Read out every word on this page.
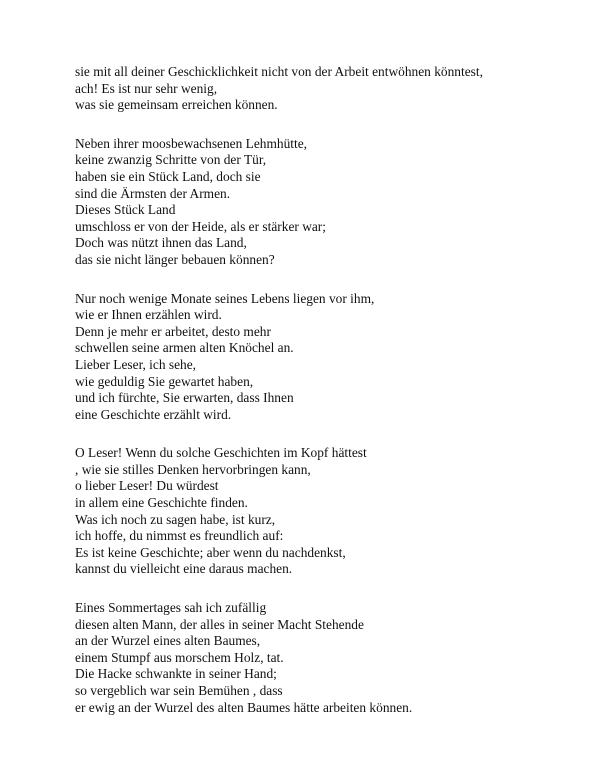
sie mit all deiner Geschicklichkeit nicht von der Arbeit entwöhnen könntest,
ach! Es ist nur sehr wenig,
was sie gemeinsam erreichen können.
Neben ihrer moosbewachsenen Lehmhütte,
keine zwanzig Schritte von der Tür,
haben sie ein Stück Land, doch sie
sind die Ärmsten der Armen.
Dieses Stück Land
umschloss er von der Heide, als er stärker war;
Doch was nützt ihnen das Land,
das sie nicht länger bebauen können?
Nur noch wenige Monate seines Lebens liegen vor ihm,
wie er Ihnen erzählen wird.
Denn je mehr er arbeitet, desto mehr
schwellen seine armen alten Knöchel an.
Lieber Leser, ich sehe,
wie geduldig Sie gewartet haben,
und ich fürchte, Sie erwarten, dass Ihnen
eine Geschichte erzählt wird.
O Leser! Wenn du solche Geschichten im Kopf hättest
, wie sie stilles Denken hervorbringen kann,
o lieber Leser! Du würdest
in allem eine Geschichte finden.
Was ich noch zu sagen habe, ist kurz,
ich hoffe, du nimmst es freundlich auf:
Es ist keine Geschichte; aber wenn du nachdenkst,
kannst du vielleicht eine daraus machen.
Eines Sommertages sah ich zufällig
diesen alten Mann, der alles in seiner Macht Stehende
an der Wurzel eines alten Baumes,
einem Stumpf aus morschem Holz, tat.
Die Hacke schwankte in seiner Hand;
so vergeblich war sein Bemühen , dass
er ewig an der Wurzel des alten Baumes hätte arbeiten können.
